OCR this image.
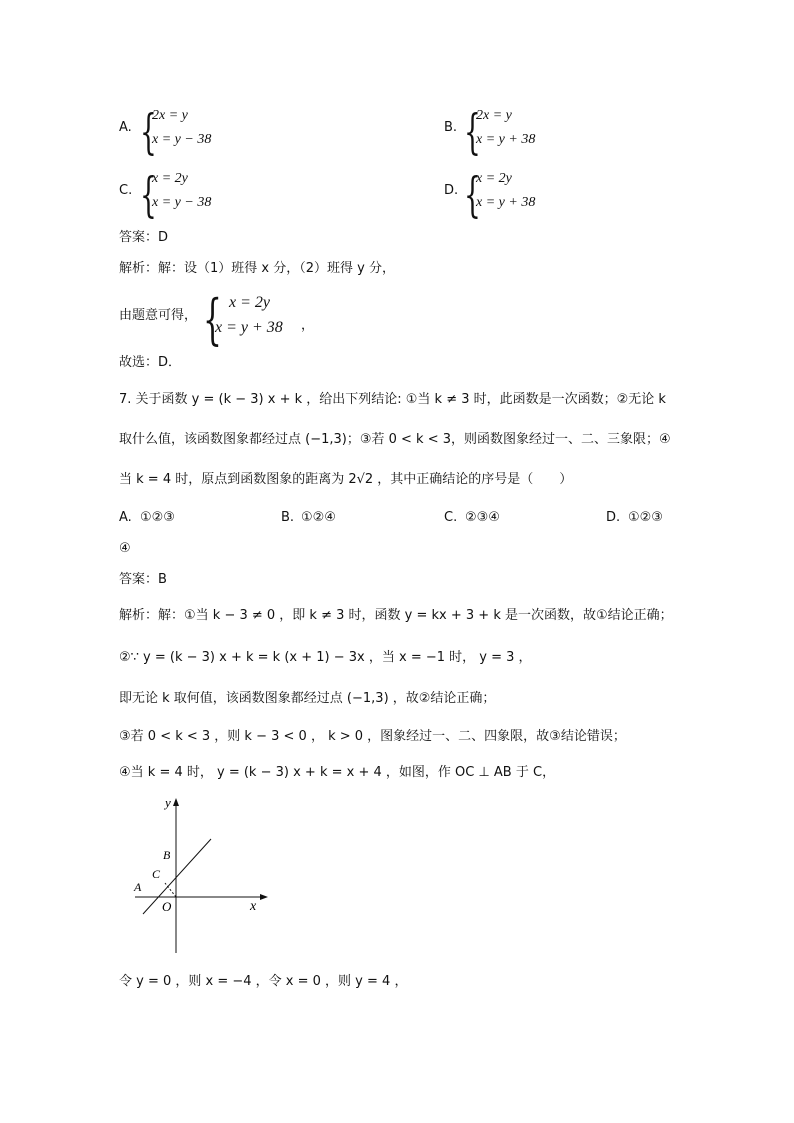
A. {
2x = y
x = y − 38
B. {
2x = y
x = y + 38
C. {
x = 2y
x = y − 38
D. {
x = 2y
x = y + 38
答案：D
解析：解：设（1）班得 x 分，（2）班得 y 分，
由题意可得， { x = 2y
x = y + 38 ，
故选：D．
7. 关于函数 y = (k − 3) x + k ，给出下列结论: ①当 k ≠ 3 时，此函数是一次函数；②无论 k
取什么值，该函数图象都经过点 (−1,3)；③若 0 < k < 3，则函数图象经过一、二、三象限；④
当 k = 4 时，原点到函数图象的距离为 2√2 ，其中正确结论的序号是（　　）
A. ①②③	B. ①②④	C. ②③④	D. ①②③
④
答案：B
解析：解：①当 k − 3 ≠ 0 ，即 k ≠ 3 时，函数 y = kx + 3 + k 是一次函数，故①结论正确；
②∵ y = (k − 3) x + k = k (x + 1) − 3x ，当 x = −1 时， y = 3 ，
即无论 k 取何值，该函数图象都经过点 (−1,3) ，故②结论正确；
③若 0 < k < 3 ，则 k − 3 < 0 ， k > 0 ，图象经过一、二、四象限，故③结论错误；
④当 k = 4 时， y = (k − 3) x + k = x + 4 ，如图，作 OC ⊥ AB 于 C，
y
x
O
A
B
C
令 y = 0 ，则 x = −4 ，令 x = 0 ，则 y = 4 ，
